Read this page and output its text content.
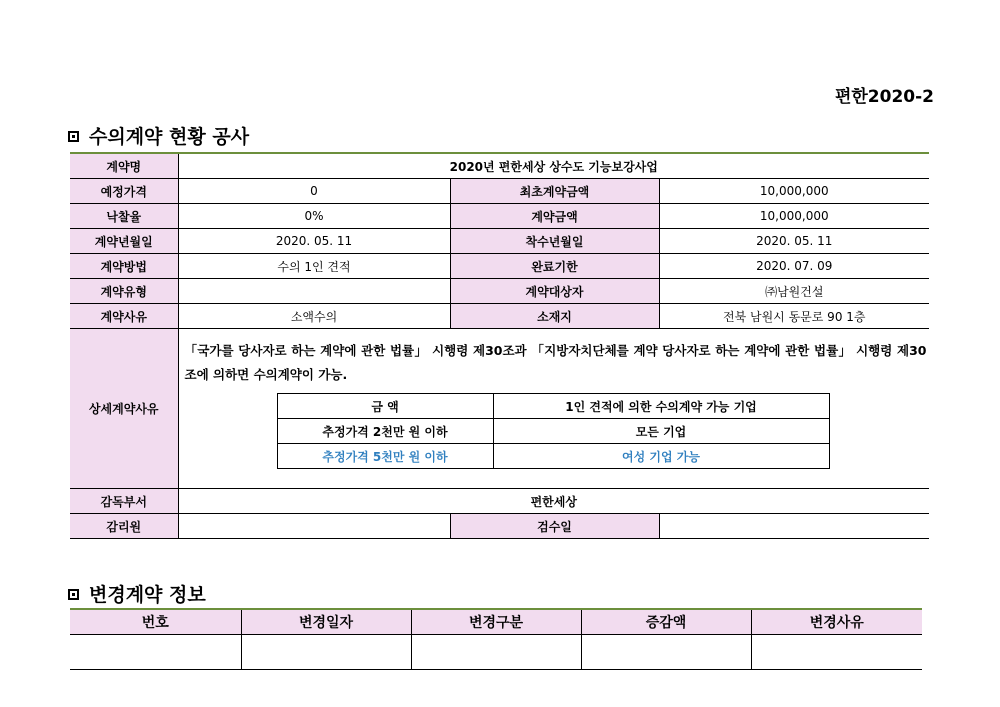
편한2020-2
수의계약 현황 공사
계약명	2020년 편한세상 상수도 기능보강사업
예정가격	0	최초계약금액	10,000,000
낙찰율	0%	계약금액	10,000,000
계약년월일	2020. 05. 11	착수년월일	2020. 05. 11
계약방법	수의 1인 견적	완료기한	2020. 07. 09
계약유형		계약대상자	㈜남원건설
계약사유	소액수의	소재지	전북 남원시 동문로 90 1층
상세계약사유	
「국가를 당사자로 하는 계약에 관한 법률」 시행령 제30조과 「지방자치단체를 계약 당사자로 하는 계약에 관한 법률」 시행령 제30조에 의하면 수의계약이 가능.
금 액	1인 견적에 의한 수의계약 가능 기업
추정가격 2천만 원 이하	모든 기업
추정가격 5천만 원 이하	여성 기업 가능

감독부서	편한세상
감리원		검수일	
변경계약 정보
번호	변경일자	변경구분	증감액	변경사유
